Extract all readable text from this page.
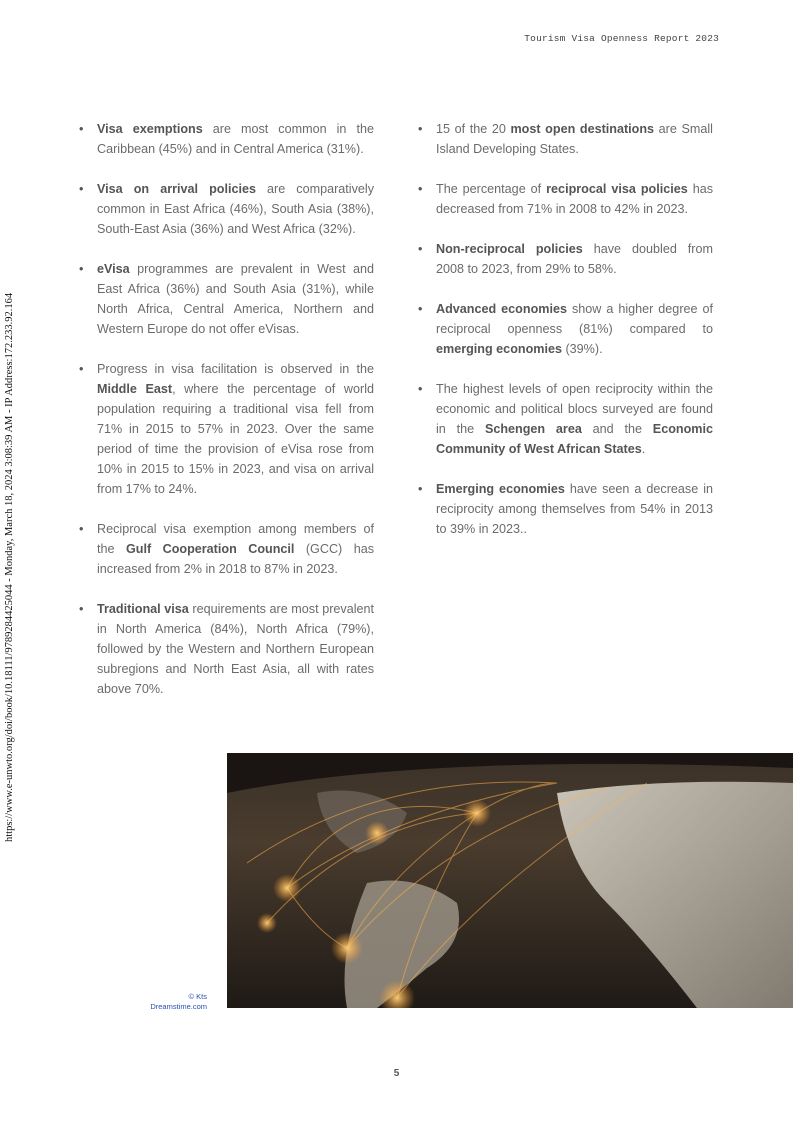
Tourism Visa Openness Report 2023
https://www.e-unwto.org/doi/book/10.18111/9789284425044 - Monday, March 18, 2024 3:08:39 AM - IP Address:172.233.92.164
• Visa exemptions are most common in the Caribbean (45%) and in Central America (31%).
• Visa on arrival policies are comparatively common in East Africa (46%), South Asia (38%), South-East Asia (36%) and West Africa (32%).
• eVisa programmes are prevalent in West and East Africa (36%) and South Asia (31%), while North Africa, Central America, Northern and Western Europe do not offer eVisas.
• Progress in visa facilitation is observed in the Middle East, where the percentage of world population requiring a traditional visa fell from 71% in 2015 to 57% in 2023. Over the same period of time the provision of eVisa rose from 10% in 2015 to 15% in 2023, and visa on arrival from 17% to 24%.
• Reciprocal visa exemption among members of the Gulf Cooperation Council (GCC) has increased from 2% in 2018 to 87% in 2023.
• Traditional visa requirements are most prevalent in North America (84%), North Africa (79%), followed by the Western and Northern European subregions and North East Asia, all with rates above 70%.
• 15 of the 20 most open destinations are Small Island Developing States.
• The percentage of reciprocal visa policies has decreased from 71% in 2008 to 42% in 2023.
• Non-reciprocal policies have doubled from 2008 to 2023, from 29% to 58%.
• Advanced economies show a higher degree of reciprocal openness (81%) compared to emerging economies (39%).
• The highest levels of open reciprocity within the economic and political blocs surveyed are found in the Schengen area and the Economic Community of West African States.
• Emerging economies have seen a decrease in reciprocity among themselves from 54% in 2013 to 39% in 2023..
© Kts
Dreamstime.com
5
